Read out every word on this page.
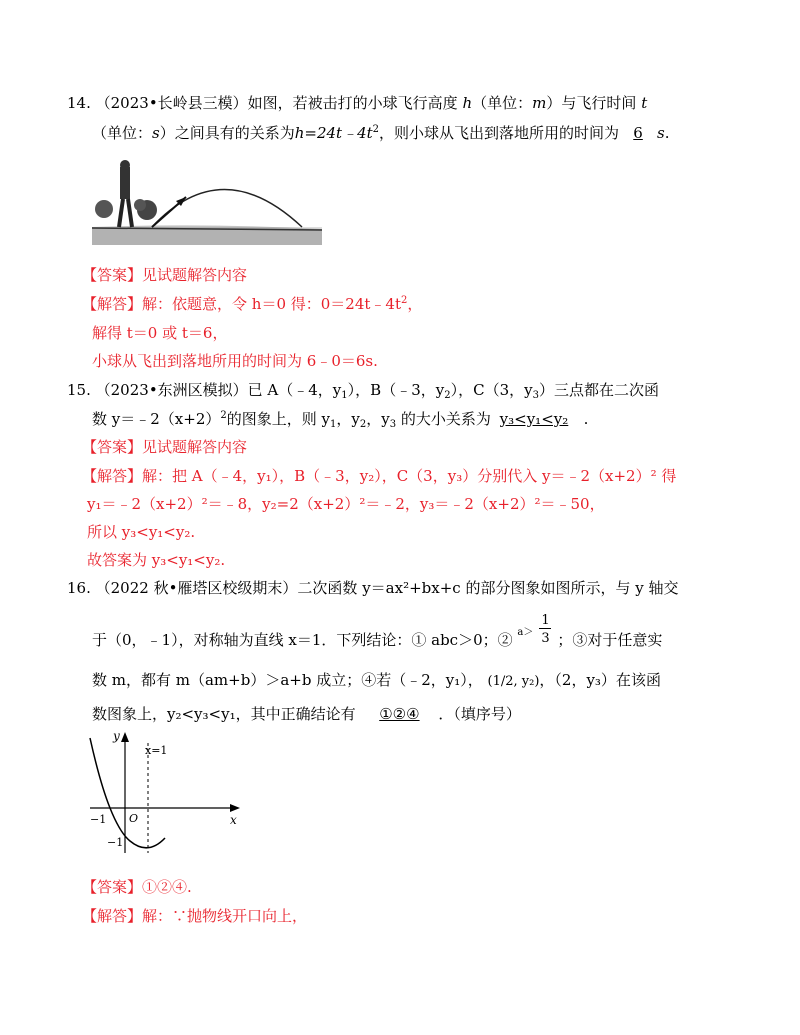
14. （2023•长岭县三模）如图，若被击打的小球飞行高度 h（单位：m）与飞行时间 t
（单位：s）之间具有的关系为$h=24t﹣4t^2$，则小球从飞出到落地所用的时间为 6 s.
【答案】见试题解答内容
【解答】解：依题意，令 h＝0 得：$0=24t﹣4t^2$，
解得 t＝0 或 t＝6，
小球从飞出到落地所用的时间为 6﹣0＝6s.
15. （2023•东洲区模拟）已 A（﹣4，$y_1$），B（﹣3，$y_2$），C（3，$y_3$）三点都在二次函
数 $y=﹣2(x+2)^2$的图象上，则 $y_1$，$y_2$，$y_3$ 的大小关系为 y₃<y₁<y₂ .
【答案】见试题解答内容
【解答】解：把 A（﹣4，y₁），B（﹣3，y₂），C（3，y₃）分别代入 y＝﹣2（x+2）² 得
y₁＝﹣2（x+2）²＝﹣8，y₂=2（x+2）²＝﹣2，y₃＝﹣2（x+2）²＝﹣50，
所以 y₃<y₁<y₂.
故答案为 y₃<y₁<y₂.
16. （2022 秋•雁塔区校级期末）二次函数 y＝ax²+bx+c 的部分图象如图所示，与 y 轴交
于（0，﹣1），对称轴为直线 x＝1．下列结论：① abc＞0；② a＞
1
3 ；③对于任意实
数 m，都有 m（am+b）＞a+b 成立；④若（﹣2，y₁）， (1/2, y₂)，（2，y₃）在该函
数图象上，y₂<y₃<y₁，其中正确结论有 ①②④ ．（填序号）
y
x
x=1
O
−1
−1
【答案】①②④.
【解答】解：∵抛物线开口向上，
